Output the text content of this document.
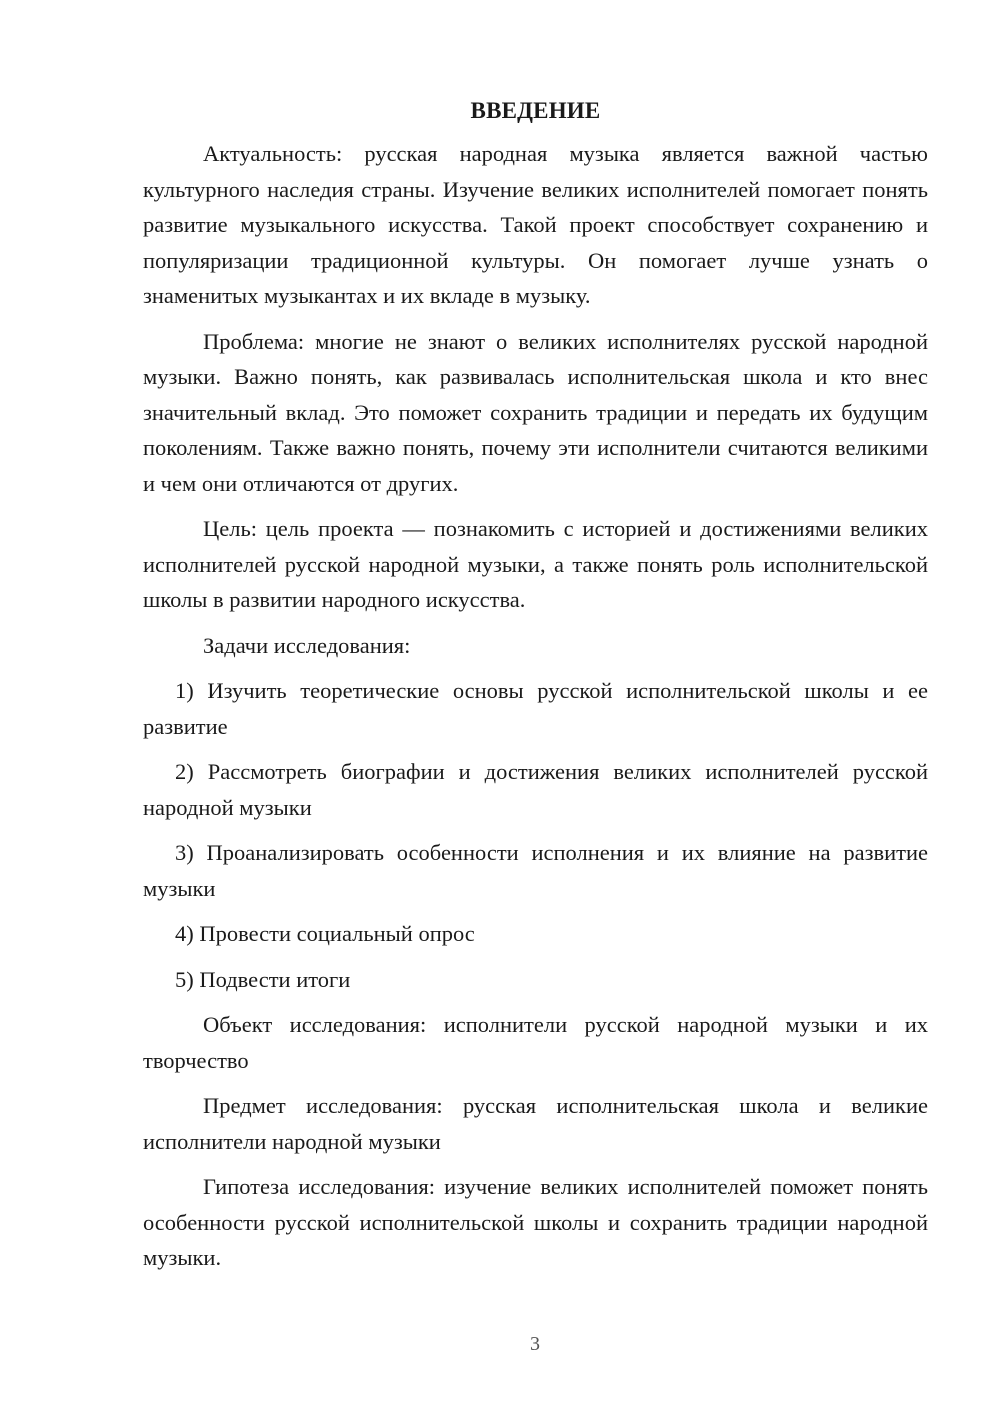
ВВЕДЕНИЕ

Актуальность: русская народная музыка является важной частью культурного наследия страны. Изучение великих исполнителей помогает понять развитие музыкального искусства. Такой проект способствует сохранению и популяризации традиционной культуры. Он помогает лучше узнать о знаменитых музыкантах и их вкладе в музыку.

Проблема: многие не знают о великих исполнителях русской народной музыки. Важно понять, как развивалась исполнительская школа и кто внес значительный вклад. Это поможет сохранить традиции и передать их будущим поколениям. Также важно понять, почему эти исполнители считаются великими и чем они отличаются от других.

Цель: цель проекта — познакомить с историей и достижениями великих исполнителей русской народной музыки, а также понять роль исполнительской школы в развитии народного искусства.

Задачи исследования:

1) Изучить теоретические основы русской исполнительской школы и ее развитие

2) Рассмотреть биографии и достижения великих исполнителей русской народной музыки

3) Проанализировать особенности исполнения и их влияние на развитие музыки

4) Провести социальный опрос

5) Подвести итоги

Объект исследования: исполнители русской народной музыки и их творчество

Предмет исследования: русская исполнительская школа и великие исполнители народной музыки

Гипотеза исследования: изучение великих исполнителей поможет понять особенности русской исполнительской школы и сохранить традиции народной музыки.

3
